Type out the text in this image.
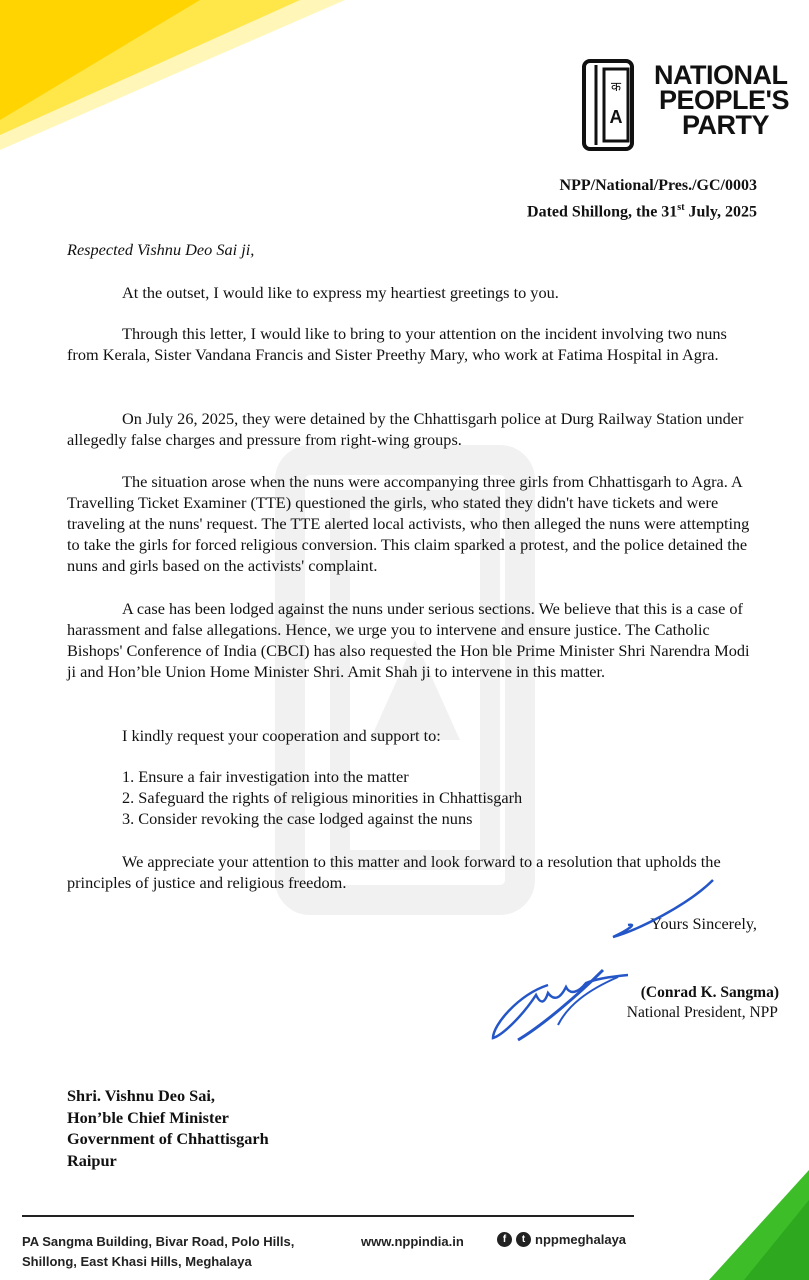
क
A
NATIONAL
PEOPLE'S
PARTY
NPP/National/Pres./GC/0003
Dated Shillong, the 31st July, 2025
Respected Vishnu Deo Sai ji,
At the outset, I would like to express my heartiest greetings to you.
Through this letter, I would like to bring to your attention on the incident involving two nuns from Kerala, Sister Vandana Francis and Sister Preethy Mary, who work at Fatima Hospital in Agra.
On July 26, 2025, they were detained by the Chhattisgarh police at Durg Railway Station under allegedly false charges and pressure from right-wing groups.
The situation arose when the nuns were accompanying three girls from Chhattisgarh to Agra. A Travelling Ticket Examiner (TTE) questioned the girls, who stated they didn't have tickets and were traveling at the nuns' request. The TTE alerted local activists, who then alleged the nuns were attempting to take the girls for forced religious conversion. This claim sparked a protest, and the police detained the nuns and girls based on the activists' complaint.
A case has been lodged against the nuns under serious sections. We believe that this is a case of harassment and false allegations. Hence, we urge you to intervene and ensure justice. The Catholic Bishops' Conference of India (CBCI) has also requested the Hon ble Prime Minister Shri Narendra Modi ji and Hon’ble Union Home Minister Shri. Amit Shah ji to intervene in this matter.
I kindly request your cooperation and support to:
1. Ensure a fair investigation into the matter
2. Safeguard the rights of religious minorities in Chhattisgarh
3. Consider revoking the case lodged against the nuns
We appreciate your attention to this matter and look forward to a resolution that upholds the principles of justice and religious freedom.
Yours Sincerely,
(Conrad K. Sangma)
National President, NPP
Shri. Vishnu Deo Sai,
Hon’ble Chief Minister
Government of Chhattisgarh
Raipur
PA Sangma Building, Bivar Road, Polo Hills,
Shillong, East Khasi Hills, Meghalaya
www.nppindia.in	f	t nppmeghalaya
